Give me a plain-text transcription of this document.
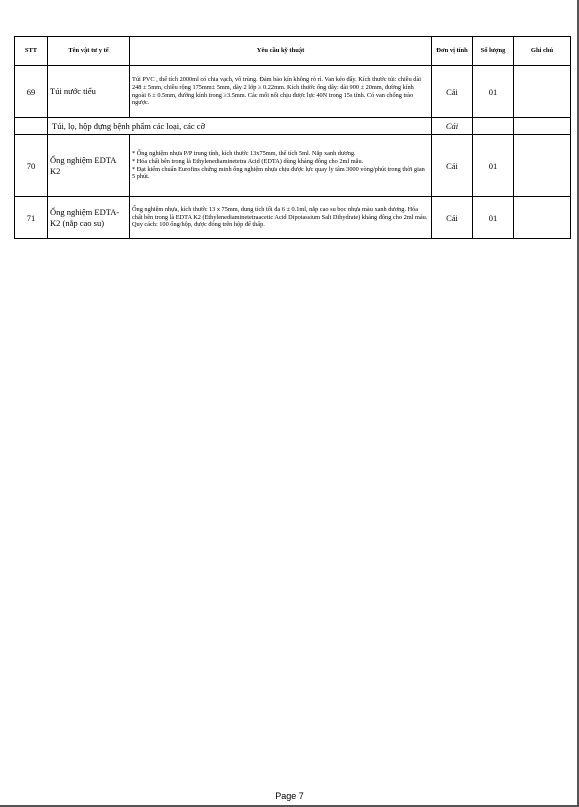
STT	Tên vật tư y tế	Yêu cầu kỹ thuật	Đơn vị tính	Số lượng	Ghi chú
69	Túi nước tiểu	Túi PVC , thể tích 2000ml có chia vạch, vô trùng. Đảm bảo kín không rò rỉ. Van kéo đẩy. Kích thước túi: chiều dài 248 ± 5mm, chiều rộng 175mm± 5mm, dày 2 lớp ≥ 0.22mm. Kích thước ống dây: dài 900 ± 20mm, đường kính ngoài 6 ± 0.5mm, đường kính trong ≥3.5mm. Các mối nối chịu được lực 40N trong 15s tĩnh. Có van chống trào ngược.	Cái	01	
	Túi, lọ, hộp đựng bệnh phẩm các loại, các cỡ		Cái		
70	Ống nghiệm EDTA K2	* Ống nghiệm nhựa P/P trung tính, kích thước 13x75mm, thể tích 5ml. Nắp xanh dương.
* Hóa chất bên trong là Ethylenediaminetetra Acid (EDTA) dùng kháng đông cho 2ml mẫu.
* Đạt kiểm chuẩn Eurofins chứng minh ống nghiệm nhựa chịu được lực quay ly tâm 3000 vòng/phút trong thời gian 5 phút.	Cái	01	
71	Ống nghiệm EDTA-K2 (nắp cao su)	Ống nghiệm nhựa, kích thước 13 x 75mm, dung tích tối đa 6 ± 0.1ml, nắp cao su bọc nhựa màu xanh dương. Hóa chất bên trong là EDTA K2 (Ethylenediaminetetraacetic Acid Dipotassium Salt Dihydrate) kháng đông cho 2ml máu. Quy cách: 100 ống/hộp, được đóng trên hộp để thấp.	Cái	01	
Page 7
